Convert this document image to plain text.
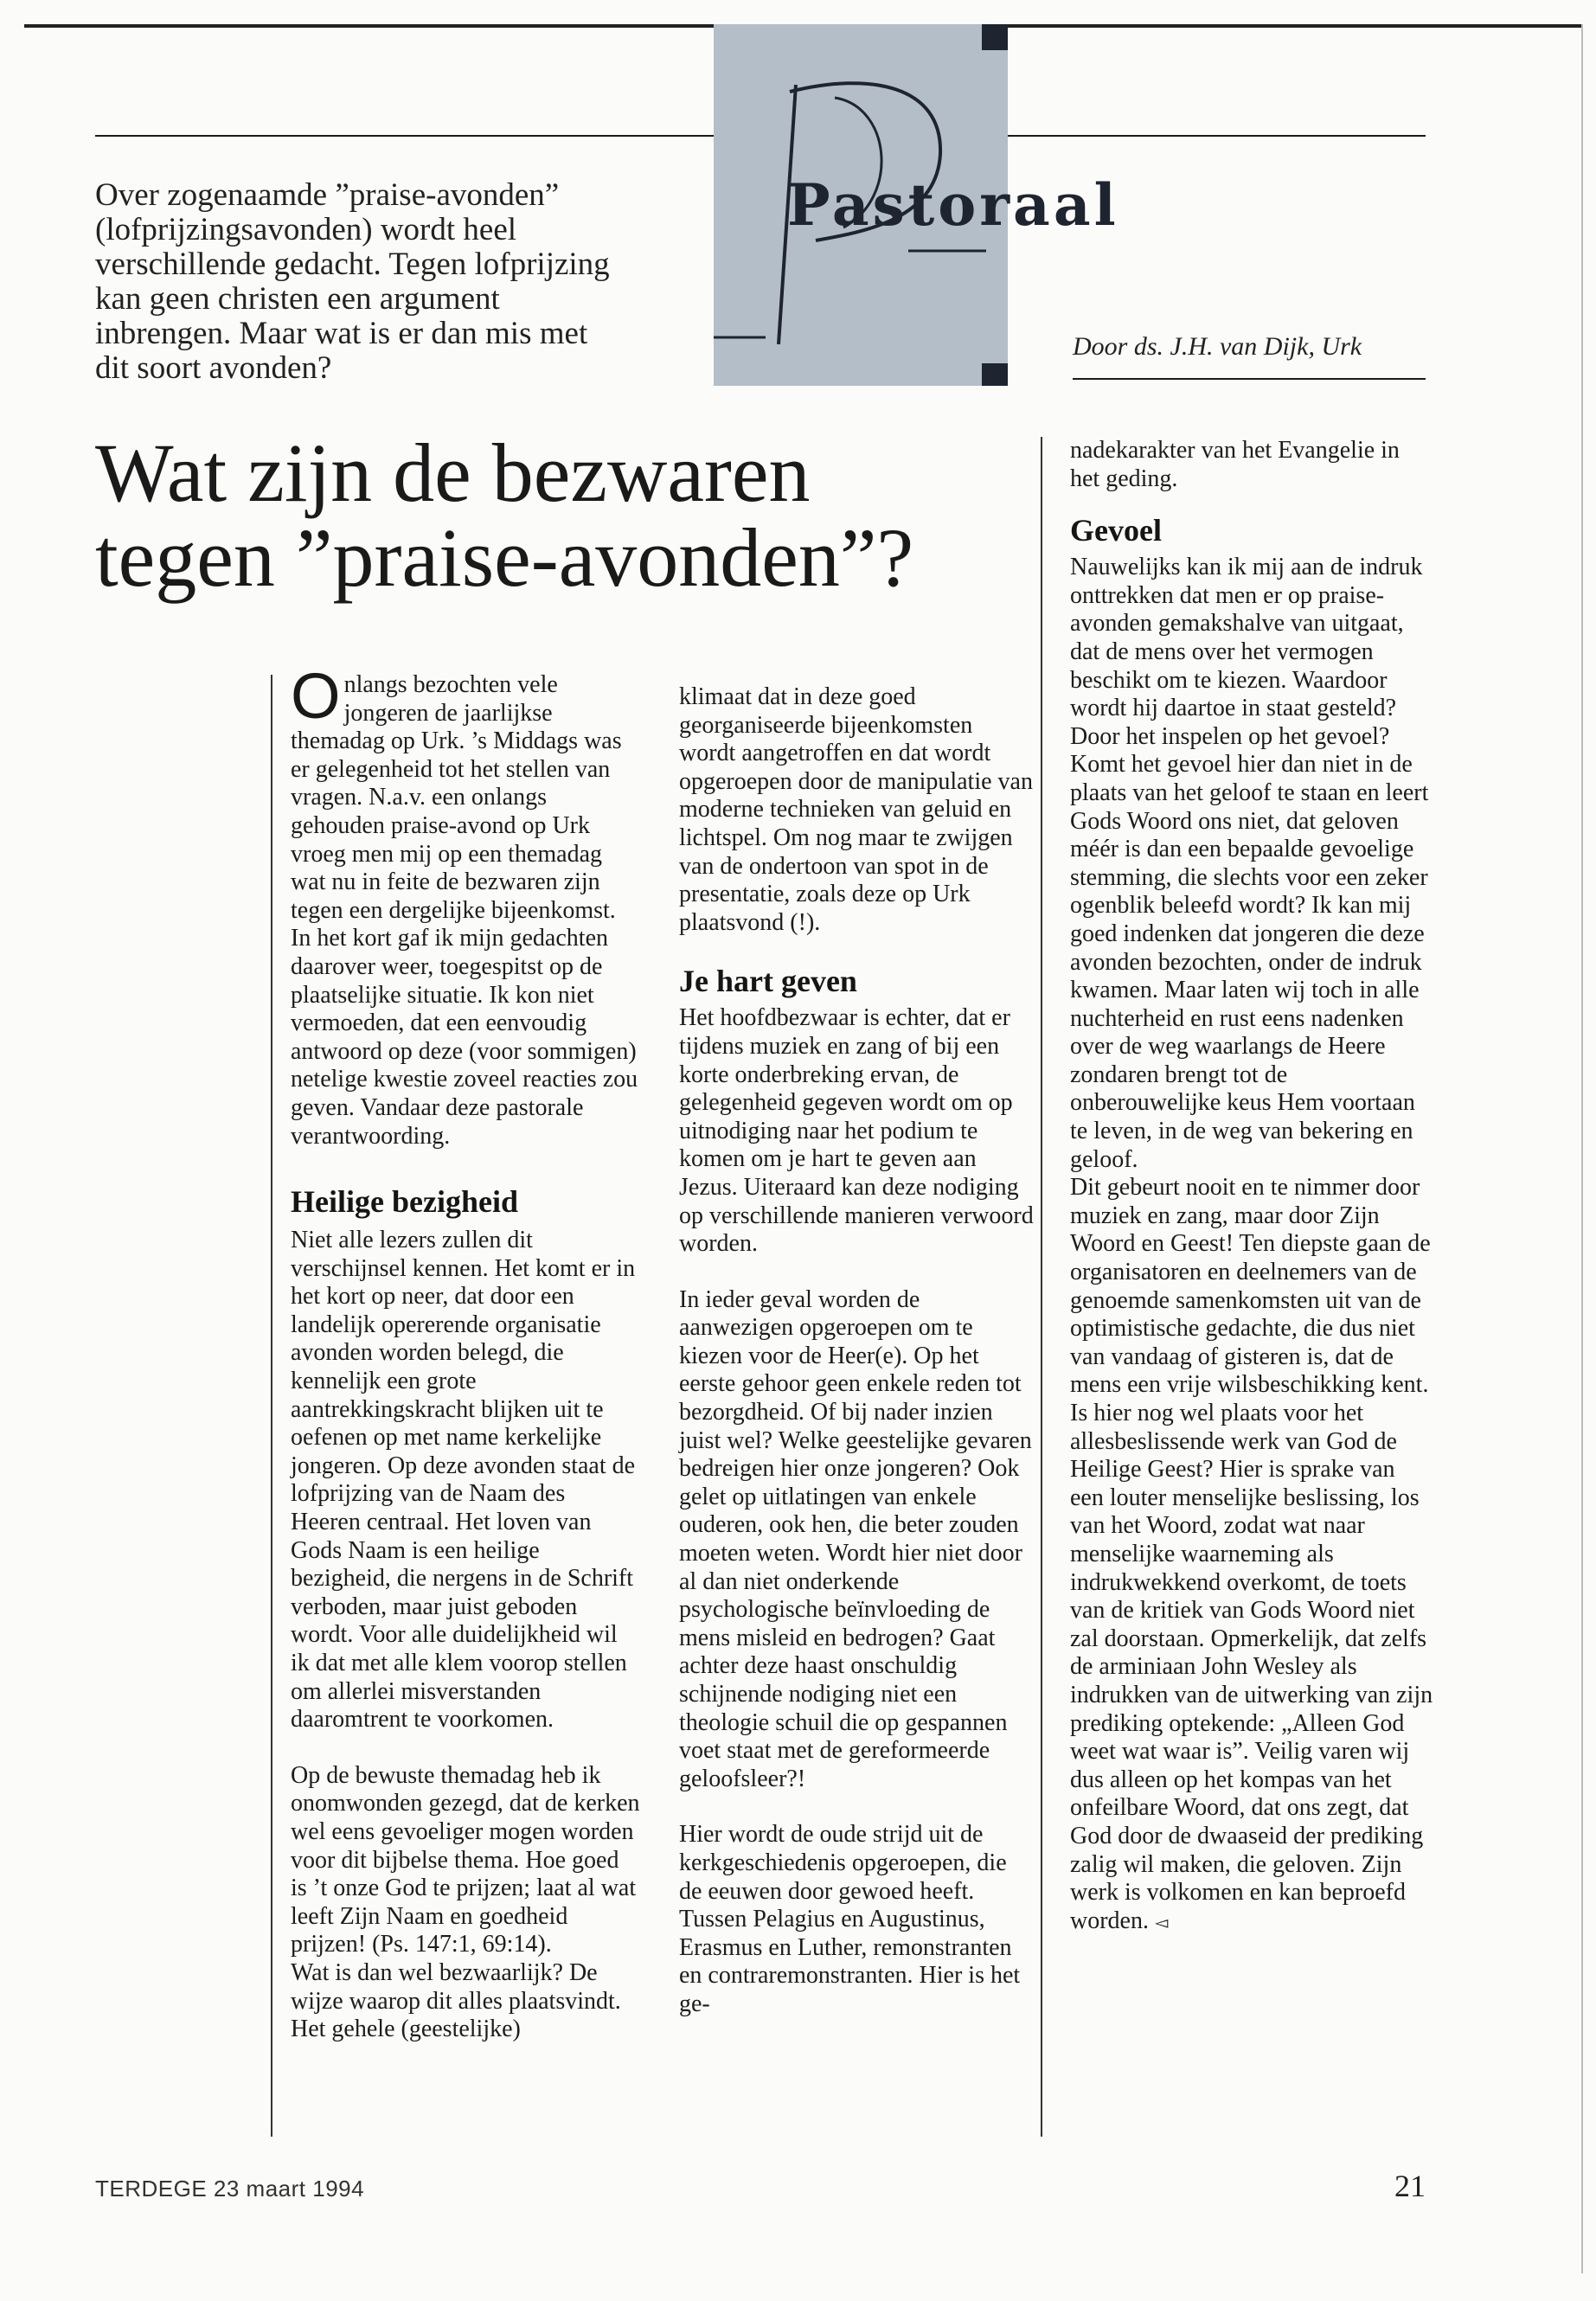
Pastoraal
Over zogenaamde ”praise-avonden” (lofprijzingsavonden) wordt heel verschillende gedacht. Tegen lofprijzing kan geen christen een argument inbrengen. Maar wat is er dan mis met dit soort avonden?
Door ds. J.H. van Dijk, Urk
Wat zijn de bezwaren
tegen ”praise-avonden”?

Onlangs bezochten vele jongeren de jaarlijkse themadag op Urk. ’s Middags was er gelegenheid tot het stellen van vragen. N.a.v. een onlangs gehouden praise-avond op Urk vroeg men mij op een themadag wat nu in feite de bezwaren zijn tegen een dergelijke bijeenkomst. In het kort gaf ik mijn gedachten daarover weer, toegespitst op de plaatselijke situatie. Ik kon niet vermoeden, dat een eenvoudig antwoord op deze (voor sommigen) netelige kwestie zoveel reacties zou geven. Vandaar deze pastorale verantwoording.

Heilige bezigheid

Niet alle lezers zullen dit verschijnsel kennen. Het komt er in het kort op neer, dat door een landelijk opererende organisatie avonden worden belegd, die kennelijk een grote aantrekkingskracht blijken uit te oefenen op met name kerkelijke jongeren. Op deze avonden staat de lofprijzing van de Naam des Heeren centraal. Het loven van Gods Naam is een heilige bezigheid, die nergens in de Schrift verboden, maar juist geboden wordt. Voor alle duidelijkheid wil ik dat met alle klem voorop stellen om allerlei misverstanden daaromtrent te voorkomen.

Op de bewuste themadag heb ik onomwonden gezegd, dat de kerken wel eens gevoeliger mogen worden voor dit bijbelse thema. Hoe goed is ’t onze God te prijzen; laat al wat leeft Zijn Naam en goedheid prijzen! (Ps. 147:1, 69:14).

Wat is dan wel bezwaarlijk? De wijze waarop dit alles plaatsvindt. Het gehele (geestelijke)

klimaat dat in deze goed georganiseerde bijeenkomsten wordt aangetroffen en dat wordt opgeroepen door de manipulatie van moderne technieken van geluid en lichtspel. Om nog maar te zwijgen van de ondertoon van spot in de presentatie, zoals deze op Urk plaatsvond (!).

Je hart geven

Het hoofdbezwaar is echter, dat er tijdens muziek en zang of bij een korte onderbreking ervan, de gelegenheid gegeven wordt om op uitnodiging naar het podium te komen om je hart te geven aan Jezus. Uiteraard kan deze nodiging op verschillende manieren verwoord worden.

In ieder geval worden de aanwezigen opgeroepen om te kiezen voor de Heer(e). Op het eerste gehoor geen enkele reden tot bezorgdheid. Of bij nader inzien juist wel? Welke geestelijke gevaren bedreigen hier onze jongeren? Ook gelet op uitlatingen van enkele ouderen, ook hen, die beter zouden moeten weten. Wordt hier niet door al dan niet onderkende psychologische beïnvloeding de mens misleid en bedrogen? Gaat achter deze haast onschuldig schijnende nodiging niet een theologie schuil die op gespannen voet staat met de gereformeerde geloofsleer?!

Hier wordt de oude strijd uit de kerkgeschiedenis opgeroepen, die de eeuwen door gewoed heeft. Tussen Pelagius en Augustinus, Erasmus en Luther, remonstranten en contraremonstranten. Hier is het ge-

nadekarakter van het Evangelie in het geding.

Gevoel

Nauwelijks kan ik mij aan de indruk onttrekken dat men er op praise-avonden gemakshalve van uitgaat, dat de mens over het vermogen beschikt om te kiezen. Waardoor wordt hij daartoe in staat gesteld? Door het inspelen op het gevoel? Komt het gevoel hier dan niet in de plaats van het geloof te staan en leert Gods Woord ons niet, dat geloven méér is dan een bepaalde gevoelige stemming, die slechts voor een zeker ogenblik beleefd wordt? Ik kan mij goed indenken dat jongeren die deze avonden bezochten, onder de indruk kwamen. Maar laten wij toch in alle nuchterheid en rust eens nadenken over de weg waarlangs de Heere zondaren brengt tot de onberouwelijke keus Hem voortaan te leven, in de weg van bekering en geloof.

Dit gebeurt nooit en te nimmer door muziek en zang, maar door Zijn Woord en Geest! Ten diepste gaan de organisatoren en deelnemers van de genoemde samenkomsten uit van de optimistische gedachte, die dus niet van vandaag of gisteren is, dat de mens een vrije wilsbeschikking kent. Is hier nog wel plaats voor het allesbeslissende werk van God de Heilige Geest? Hier is sprake van een louter menselijke beslissing, los van het Woord, zodat wat naar menselijke waarneming als indrukwekkend overkomt, de toets van de kritiek van Gods Woord niet zal doorstaan. Opmerkelijk, dat zelfs de arminiaan John Wesley als indrukken van de uitwerking van zijn prediking optekende: „Alleen God weet wat waar is”. Veilig varen wij dus alleen op het kompas van het onfeilbare Woord, dat ons zegt, dat God door de dwaaseid der prediking zalig wil maken, die geloven. Zijn werk is volkomen en kan beproefd worden. ◅

TERDEGE 23 maart 1994	21
